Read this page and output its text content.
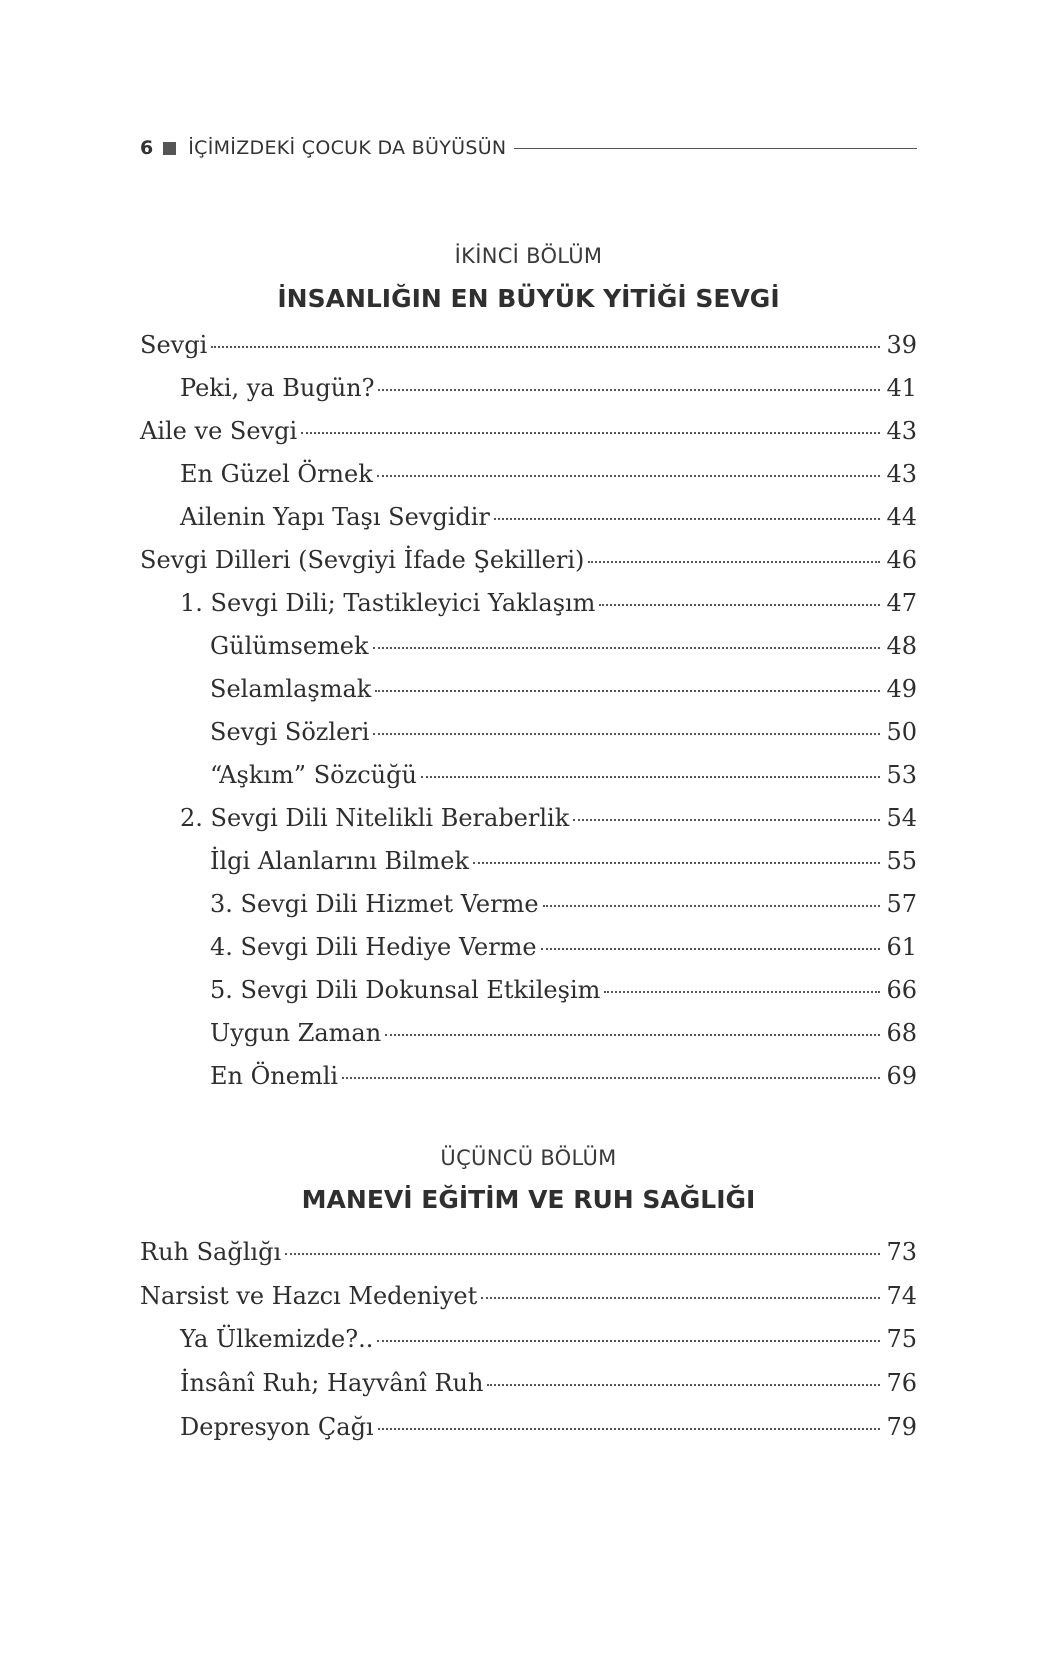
6 İÇİMİZDEKİ ÇOCUK DA BÜYÜSÜN
İKİNCİ BÖLÜM
İNSANLIĞIN EN BÜYÜK YİTİĞİ SEVGİ
Sevgi	39
Peki, ya Bugün?	41
Aile ve Sevgi	43
En Güzel Örnek	43
Ailenin Yapı Taşı Sevgidir	44
Sevgi Dilleri (Sevgiyi İfade Şekilleri)	46
1. Sevgi Dili; Tastikleyici Yaklaşım	47
Gülümsemek	48
Selamlaşmak	49
Sevgi Sözleri	50
“Aşkım” Sözcüğü	53
2. Sevgi Dili Nitelikli Beraberlik	54
İlgi Alanlarını Bilmek	55
3. Sevgi Dili Hizmet Verme	57
4. Sevgi Dili Hediye Verme	61
5. Sevgi Dili Dokunsal Etkileşim	66
Uygun Zaman	68
En Önemli	69
ÜÇÜNCÜ BÖLÜM
MANEVİ EĞİTİM VE RUH SAĞLIĞI
Ruh Sağlığı	73
Narsist ve Hazcı Medeniyet	74
Ya Ülkemizde?..	75
İnsânî Ruh; Hayvânî Ruh	76
Depresyon Çağı	79
